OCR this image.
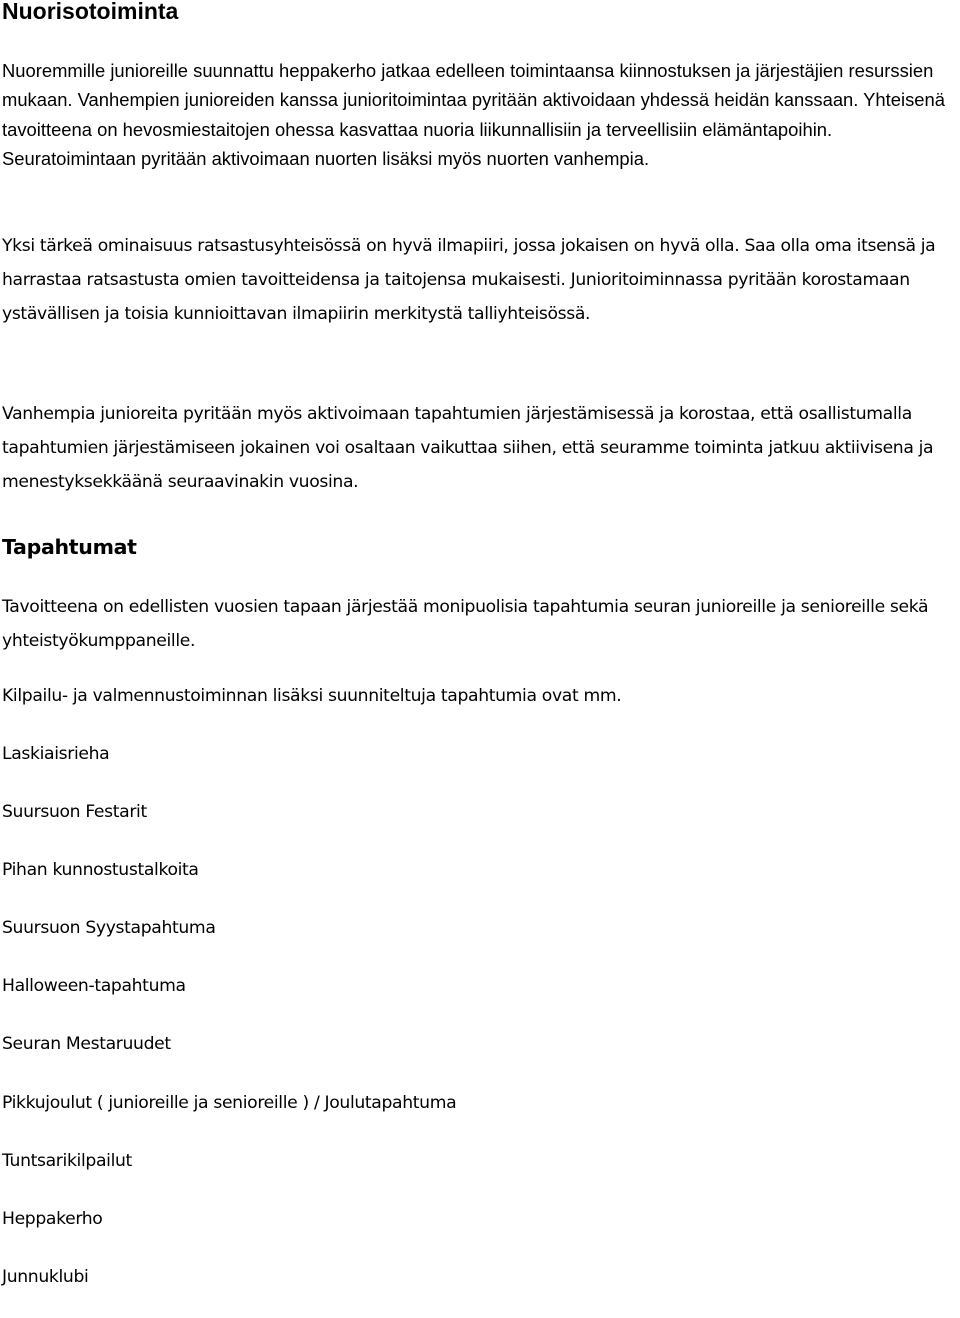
Nuorisotoiminta

Nuoremmille junioreille suunnattu heppakerho jatkaa edelleen toimintaansa kiinnostuksen ja järjestäjien resurssien mukaan. Vanhempien junioreiden kanssa junioritoimintaa pyritään aktivoidaan yhdessä heidän kanssaan. Yhteisenä tavoitteena on hevosmiestaitojen ohessa kasvattaa nuoria liikunnallisiin ja terveellisiin elämäntapoihin. Seuratoimintaan pyritään aktivoimaan nuorten lisäksi myös nuorten vanhempia.

Yksi tärkeä ominaisuus ratsastusyhteisössä on hyvä ilmapiiri, jossa jokaisen on hyvä olla. Saa olla oma itsensä ja harrastaa ratsastusta omien tavoitteidensa ja taitojensa mukaisesti. Junioritoiminnassa pyritään korostamaan ystävällisen ja toisia kunnioittavan ilmapiirin merkitystä talliyhteisössä.

Vanhempia junioreita pyritään myös aktivoimaan tapahtumien järjestämisessä ja korostaa, että osallistumalla tapahtumien järjestämiseen jokainen voi osaltaan vaikuttaa siihen, että seuramme toiminta jatkuu aktiivisena ja menestyksekkäänä seuraavinakin vuosina.

Tapahtumat

Tavoitteena on edellisten vuosien tapaan järjestää monipuolisia tapahtumia seuran junioreille ja senioreille sekä yhteistyökumppaneille.

Kilpailu- ja valmennustoiminnan lisäksi suunniteltuja tapahtumia ovat mm.

Laskiaisrieha
Suursuon Festarit
Pihan kunnostustalkoita
Suursuon Syystapahtuma
Halloween-tapahtuma
Seuran Mestaruudet
Pikkujoulut ( junioreille ja senioreille ) / Joulutapahtuma
Tuntsarikilpailut
Heppakerho
Junnuklubi
